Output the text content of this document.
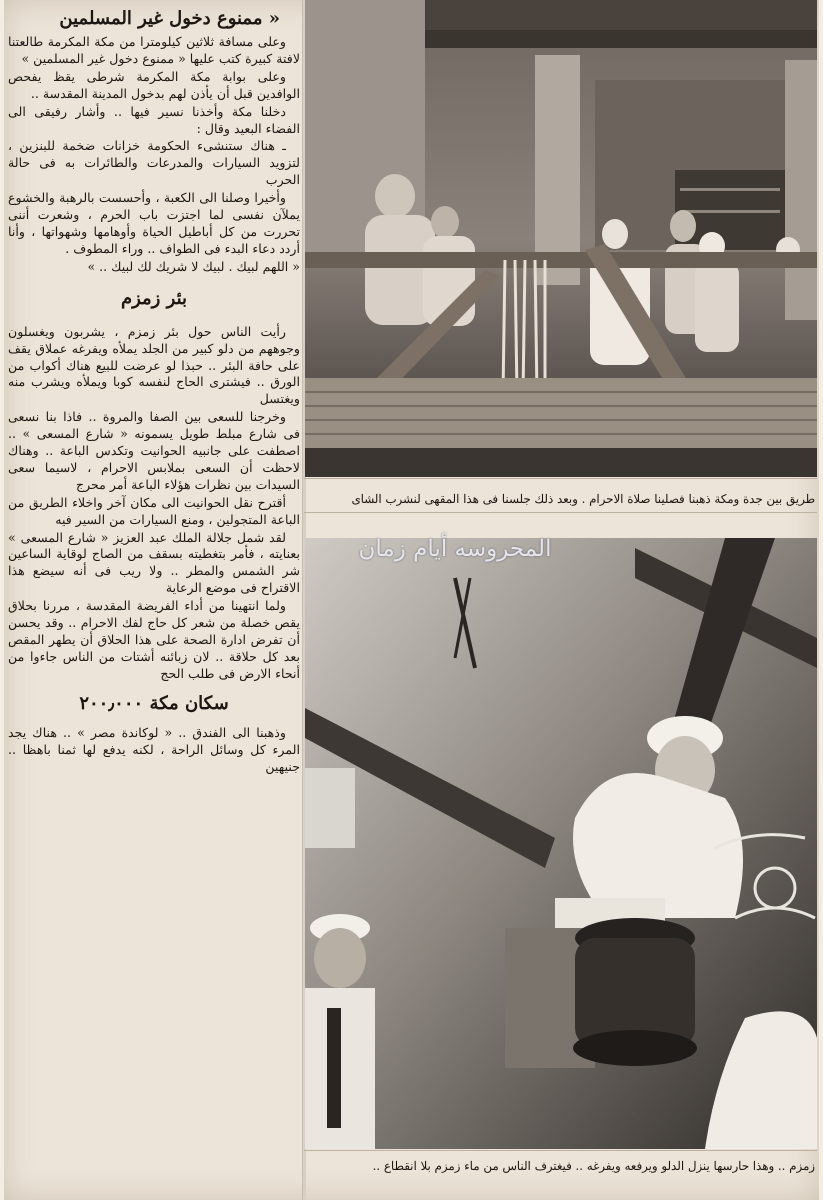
« ممنوع دخول غير المسلمين

وعلى مسافة ثلاثين كيلومترا من مكة المكرمة طالعتنا لافتة كبيرة كتب عليها « ممنوع دخول غير المسلمين »

وعلى بوابة مكة المكرمة شرطى يقظ يفحص الوافدين قبل أن يأذن لهم بدخول المدينة المقدسة ..

دخلنا مكة وأخذنا نسير فيها .. وأشار رفيقى الى الفضاء البعيد وقال :

ـ هناك ستنشىء الحكومة خزانات ضخمة للبنزين ، لتزويد السيارات والمدرعات والطائرات به فى حالة الحرب

وأخيرا وصلنا الى الكعبة ، وأحسست بالرهبة والخشوع يملآن نفسى لما اجتزت باب الحرم ، وشعرت أننى تحررت من كل أباطيل الحياة وأوهامها وشهواتها ، وأنا أردد دعاء البدء فى الطواف .. وراء المطوف .

« اللهم لبيك . لبيك لا شريك لك لبيك .. »

بئر زمزم

رأيت الناس حول بئر زمزم ، يشربون ويغسلون وجوههم من دلو كبير من الجلد يملأه ويفرغه عملاق يقف على حافة البئر .. حبذا لو عرضت للبيع هناك أكواب من الورق .. فيشترى الحاج لنفسه كوبا ويملأه ويشرب منه ويغتسل

وخرجنا للسعى بين الصفا والمروة .. فاذا بنا نسعى فى شارع مبلط طويل يسمونه « شارع المسعى » .. اصطفت على جانبيه الحوانيت وتكدس الباعة .. وهناك لاحظت أن السعى بملابس الاحرام ، لاسيما سعى السيدات بين نظرات هؤلاء الباعة أمر محرج

أقترح نقل الحوانيت الى مكان آخر واخلاء الطريق من الباعة المتجولين ، ومنع السيارات من السير فيه

لقد شمل جلالة الملك عبد العزيز « شارع المسعى » بعنايته ، فأمر بتغطيته بسقف من الصاج لوقاية الساعين شر الشمس والمطر .. ولا ريب فى أنه سيضع هذا الاقتراح فى موضع الرعاية

ولما انتهينا من أداء الفريضة المقدسة ، مررنا بحلاق يقص خصلة من شعر كل حاج لفك الاحرام .. وقد يحسن أن تفرض ادارة الصحة على هذا الحلاق أن يطهر المقص بعد كل حلاقة .. لان زبائنه أشتات من الناس جاءوا من أنحاء الارض فى طلب الحج

سكان مكة ۲۰۰٫۰۰۰

وذهبنا الى الفندق .. « لوكاندة مصر » .. هناك يجد المرء كل وسائل الراحة ، لكنه يدفع لها ثمنا باهظا .. جنيهين

طريق بين جدة ومكة ذهبنا فصلينا صلاة الاحرام . وبعد ذلك جلسنا فى هذا المقهى لنشرب الشاى
المحروسه أيام زمان
زمزم .. وهذا حارسها ينزل الدلو ويرفعه ويفرغه .. فيغترف الناس من ماء زمزم بلا انقطاع ..
